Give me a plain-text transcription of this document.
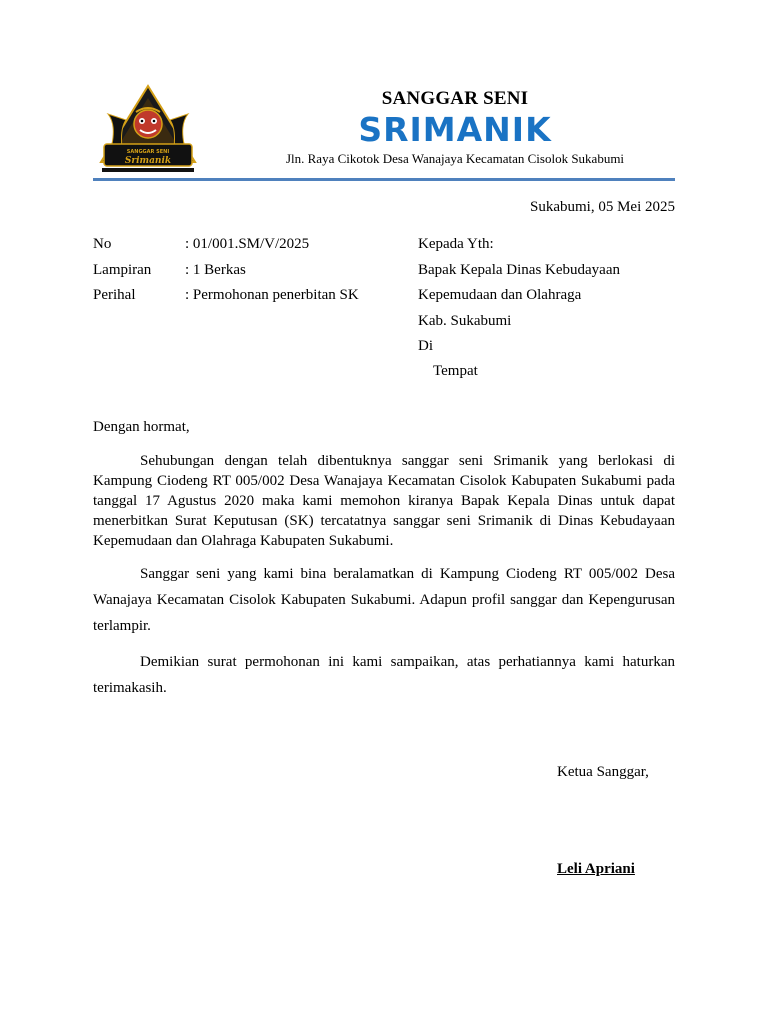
SANGGAR SENI
Srimanik
SANGGAR SENI
SRIMANIK
Jln. Raya Cikotok Desa Wanajaya Kecamatan Cisolok Sukabumi
Sukabumi, 05 Mei 2025
No	: 01/001.SM/V/2025
Lampiran : 1 Berkas
Perihal	: Permohonan penerbitan SK
Kepada Yth:
Bapak Kepala Dinas Kebudayaan
Kepemudaan dan Olahraga
Kab. Sukabumi
Di
Tempat
Dengan hormat,
Sehubungan dengan telah dibentuknya sanggar seni Srimanik yang berlokasi di Kampung Ciodeng RT 005/002 Desa Wanajaya Kecamatan Cisolok Kabupaten Sukabumi pada tanggal 17 Agustus 2020 maka kami memohon kiranya Bapak Kepala Dinas untuk dapat menerbitkan Surat Keputusan (SK) tercatatnya sanggar seni Srimanik di Dinas Kebudayaan Kepemudaan dan Olahraga Kabupaten Sukabumi.
Sanggar seni yang kami bina beralamatkan di Kampung Ciodeng RT 005/002 Desa Wanajaya Kecamatan Cisolok Kabupaten Sukabumi. Adapun profil sanggar dan Kepengurusan terlampir.
Demikian surat permohonan ini kami sampaikan, atas perhatiannya kami haturkan terimakasih.
Ketua Sanggar,
Leli Apriani
